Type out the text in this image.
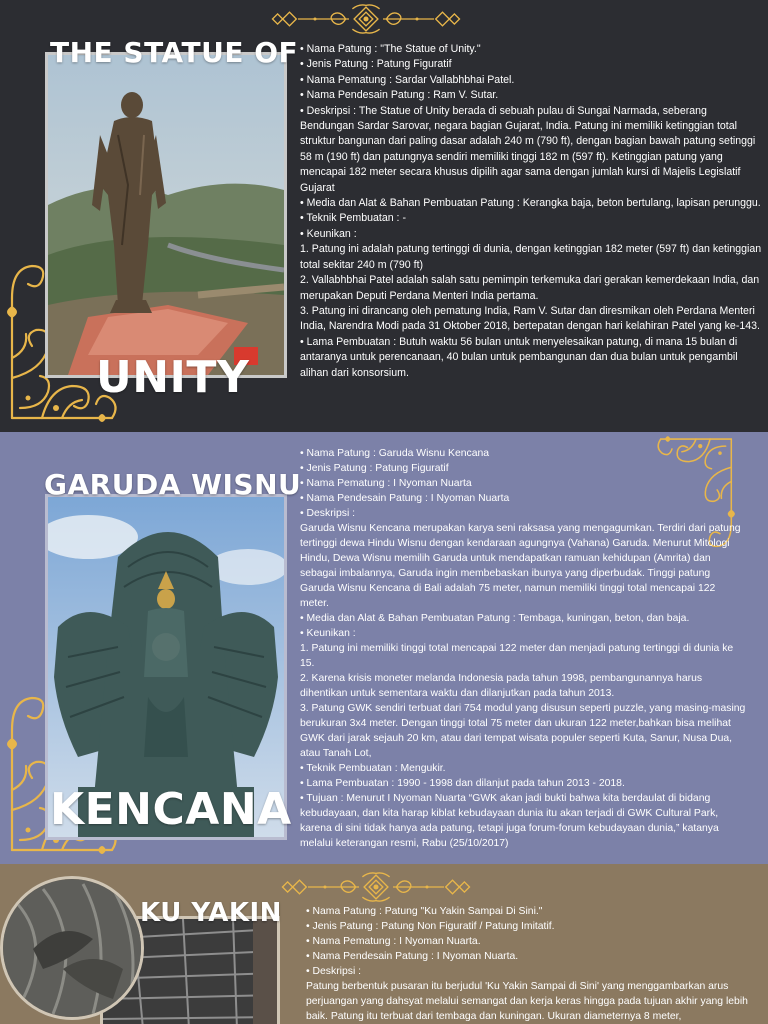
THE STATUE OF
UNITY

• Nama Patung : "The Statue of Unity."

• Jenis Patung : Patung Figuratif

• Nama Pematung : Sardar Vallabhbhai Patel.

• Nama Pendesain Patung : Ram V. Sutar.

• Deskripsi : The Statue of Unity berada di sebuah pulau di Sungai Narmada, seberang Bendungan Sardar Sarovar, negara bagian Gujarat, India. Patung ini memiliki ketinggian total struktur bangunan dari paling dasar adalah 240 m (790 ft), dengan bagian bawah patung setinggi 58 m (190 ft) dan patungnya sendiri memiliki tinggi 182 m (597 ft). Ketinggian patung yang mencapai 182 meter secara khusus dipilih agar sama dengan jumlah kursi di Majelis Legislatif Gujarat

• Media dan Alat & Bahan Pembuatan Patung : Kerangka baja, beton bertulang, lapisan perunggu.

• Teknik Pembuatan : -

• Keunikan :

1. Patung ini adalah patung tertinggi di dunia, dengan ketinggian 182 meter (597 ft) dan ketinggian total sekitar 240 m (790 ft)

2. Vallabhbhai Patel adalah salah satu pemimpin terkemuka dari gerakan kemerdekaan India, dan merupakan Deputi Perdana Menteri India pertama.

3. Patung ini dirancang oleh pematung India, Ram V. Sutar dan diresmikan oleh Perdana Menteri India, Narendra Modi pada 31 Oktober 2018, bertepatan dengan hari kelahiran Patel yang ke-143.

• Lama Pembuatan : Butuh waktu 56 bulan untuk menyelesaikan patung, di mana 15 bulan di antaranya untuk perencanaan, 40 bulan untuk pembangunan dan dua bulan untuk pengambil alihan dari konsorsium.

GARUDA WISNU
KENCANA

• Nama Patung : Garuda Wisnu Kencana

• Jenis Patung : Patung Figuratif

• Nama Pematung : I Nyoman Nuarta

• Nama Pendesain Patung : I Nyoman Nuarta

• Deskripsi :

Garuda Wisnu Kencana merupakan karya seni raksasa yang mengagumkan. Terdiri dari patung tertinggi dewa Hindu Wisnu dengan kendaraan agungnya (Vahana) Garuda. Menurut Mitologi Hindu, Dewa Wisnu memilih Garuda untuk mendapatkan ramuan kehidupan (Amrita) dan sebagai imbalannya, Garuda ingin membebaskan ibunya yang diperbudak. Tinggi patung Garuda Wisnu Kencana di Bali adalah 75 meter, namun memiliki tinggi total mencapai 122 meter.

• Media dan Alat & Bahan Pembuatan Patung : Tembaga, kuningan, beton, dan baja.

• Keunikan :

1. Patung ini memiliki tinggi total mencapai 122 meter dan menjadi patung tertinggi di dunia ke 15.

2. Karena krisis moneter melanda Indonesia pada tahun 1998, pembangunannya harus dihentikan untuk sementara waktu dan dilanjutkan pada tahun 2013.

3. Patung GWK sendiri terbuat dari 754 modul yang disusun seperti puzzle, yang masing-masing berukuran 3x4 meter. Dengan tinggi total 75 meter dan ukuran 122 meter,bahkan bisa melihat GWK dari jarak sejauh 20 km, atau dari tempat wisata populer seperti Kuta, Sanur, Nusa Dua, atau Tanah Lot,

• Teknik Pembuatan : Mengukir.

• Lama Pembuatan : 1990 - 1998 dan dilanjut pada tahun 2013 - 2018.

• Tujuan : Menurut I Nyoman Nuarta “GWK akan jadi bukti bahwa kita berdaulat di bidang kebudayaan, dan kita harap kiblat kebudayaan dunia itu akan terjadi di GWK Cultural Park, karena di sini tidak hanya ada patung, tetapi juga forum-forum kebudayaan dunia,” katanya melalui keterangan resmi, Rabu (25/10/2017)

KU YAKIN • Nama Patung : Patung "Ku Yakin Sampai Di Sini."

• Jenis Patung : Patung Non Figuratif / Patung Imitatif.

• Nama Pematung : I Nyoman Nuarta.

• Nama Pendesain Patung : I Nyoman Nuarta.

• Deskripsi :

Patung berbentuk pusaran itu berjudul 'Ku Yakin Sampai di Sini' yang menggambarkan arus perjuangan yang dahsyat melalui semangat dan kerja keras hingga pada tujuan akhir yang lebih baik. Patung itu terbuat dari tembaga dan kuningan. Ukuran diameternya 8 meter,
